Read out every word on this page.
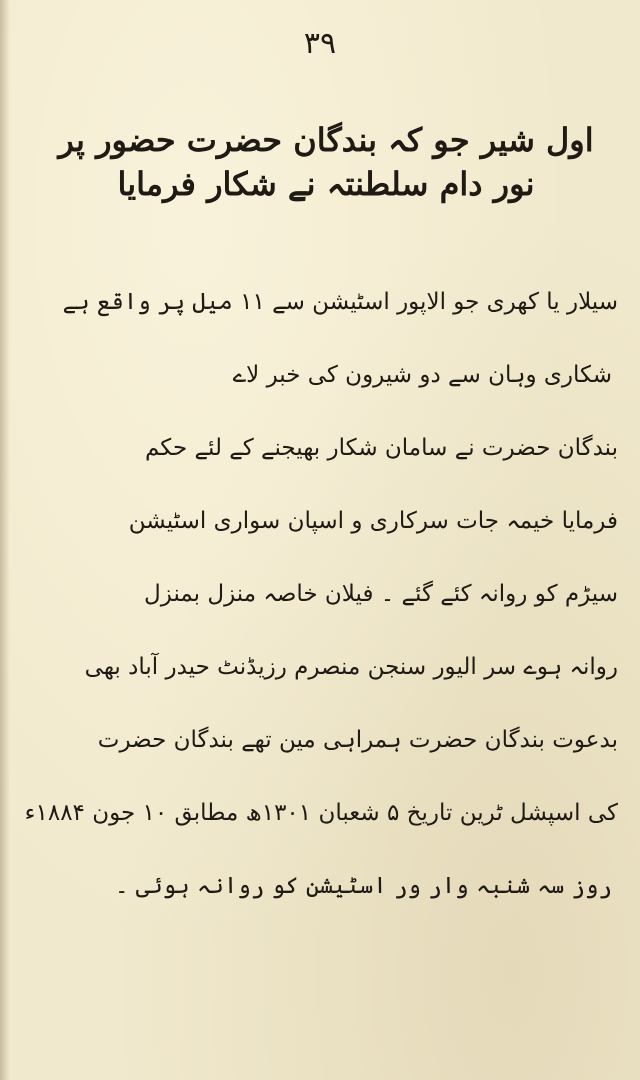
۳۹
اول شیر جو کہ بندگان حضرت حضور پر نور دام سلطنتہ نے شکار فرمایا
سیلار یا کھری جو الاپور اسٹیشن سے ۱۱ میل پر واقع ہے
شکاری وہان سے دو شیرون کی خبر لاے
بندگان حضرت نے سامان شکار بھیجنے کے لئے حکم
فرمایا خیمہ جات سرکاری و اسپان سواری اسٹیشن
سیڑم کو روانہ کئے گئے ۔ فیلان خاصہ منزل بمنزل
روانہ ہوے سر الیور سنجن منصرم رزیڈنٹ حیدر آباد بھی
بدعوت بندگان حضرت ہمراہی مین تھے بندگان حضرت
کی اسپشل ٹرین تاریخ ۵ شعبان ۱۳۰۱ھ مطابق ۱۰ جون ۱۸۸۴ء
روز سہ شنبہ وار ور اسٹیشن کو روانہ ہوئی ۔
